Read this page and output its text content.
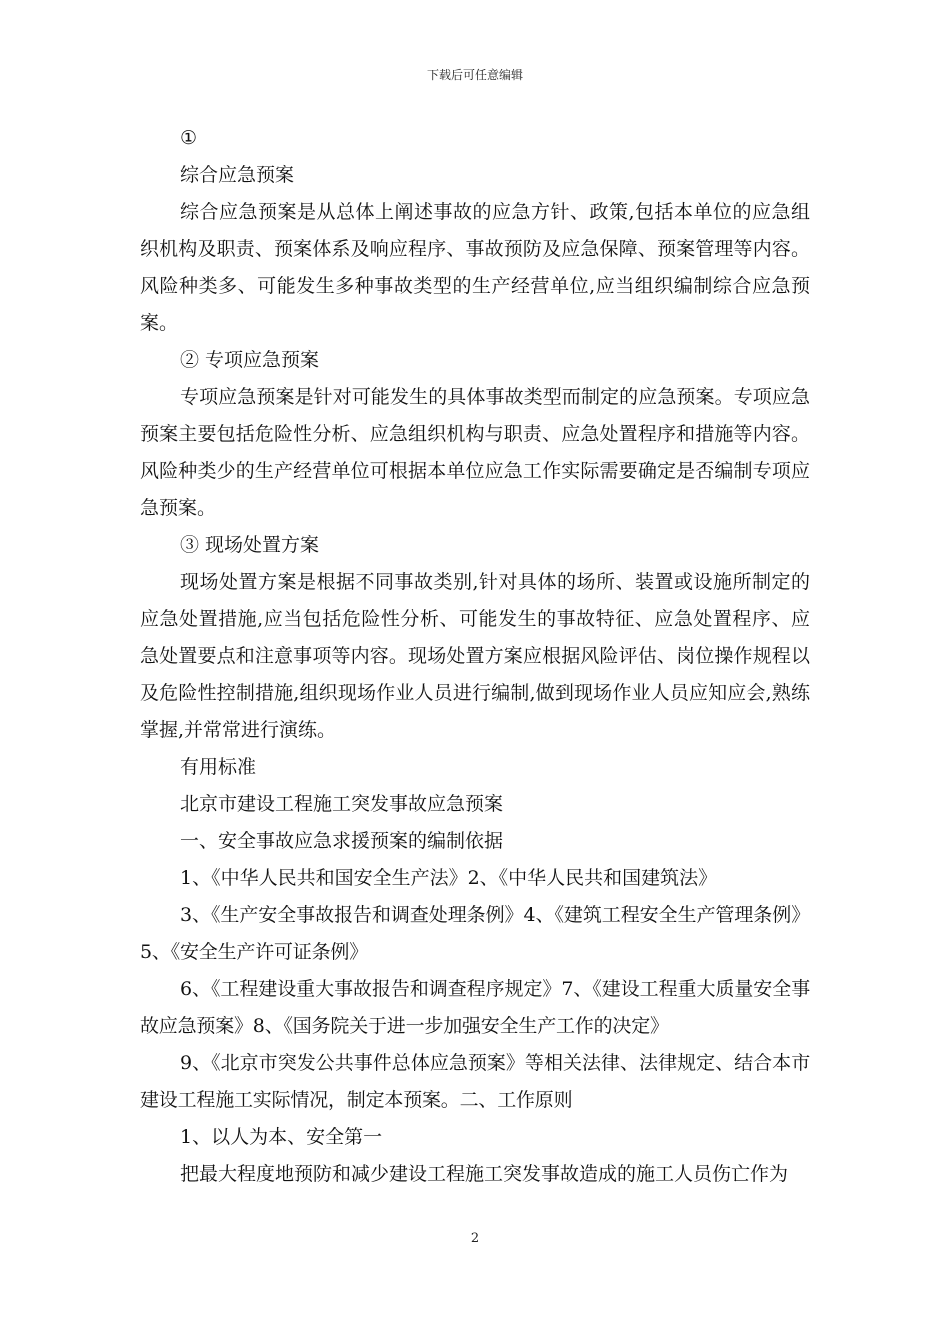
下载后可任意编辑

①

综合应急预案

综合应急预案是从总体上阐述事故的应急方针、政策,包括本单位的应急组织机构及职责、预案体系及响应程序、事故预防及应急保障、预案管理等内容。风险种类多、可能发生多种事故类型的生产经营单位,应当组织编制综合应急预案。

② 专项应急预案

专项应急预案是针对可能发生的具体事故类型而制定的应急预案。专项应急预案主要包括危险性分析、应急组织机构与职责、应急处置程序和措施等内容。风险种类少的生产经营单位可根据本单位应急工作实际需要确定是否编制专项应急预案。

③ 现场处置方案

现场处置方案是根据不同事故类别,针对具体的场所、装置或设施所制定的应急处置措施,应当包括危险性分析、可能发生的事故特征、应急处置程序、应急处置要点和注意事项等内容。现场处置方案应根据风险评估、岗位操作规程以及危险性控制措施,组织现场作业人员进行编制,做到现场作业人员应知应会,熟练掌握,并常常进行演练。

有用标准

北京市建设工程施工突发事故应急预案

一、安全事故应急求援预案的编制依据

1、《中华人民共和国安全生产法》2、《中华人民共和国建筑法》

3、《生产安全事故报告和调查处理条例》4、《建筑工程安全生产管理条例》5、《安全生产许可证条例》

6、《工程建设重大事故报告和调查程序规定》7、《建设工程重大质量安全事故应急预案》8、《国务院关于进一步加强安全生产工作的决定》

9、《北京市突发公共事件总体应急预案》等相关法律、法律规定、结合本市建设工程施工实际情况，制定本预案。二、工作原则

1、以人为本、安全第一

把最大程度地预防和减少建设工程施工突发事故造成的施工人员伤亡作为

2
